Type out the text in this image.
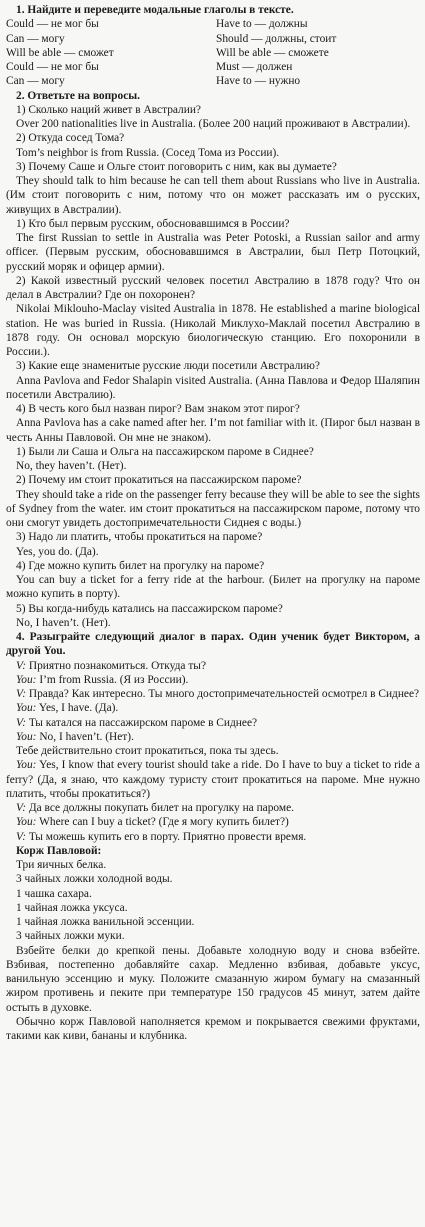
1. Найдите и переведите модальные глаголы в тексте.

Could — не мог бы	Have to — должны
Can — могу	Should — должны, стоит
Will be able — сможет	Will be able — сможете
Could — не мог бы	Must — должен
Can — могу	Have to — нужно

2. Ответьте на вопросы.

1) Сколько наций живет в Австралии?

Over 200 nationalities live in Australia. (Более 200 наций проживают в Австралии).

2) Откуда сосед Тома?

Tom’s neighbor is from Russia. (Сосед Тома из России).

3) Почему Саше и Ольге стоит поговорить с ним, как вы думаете?

They should talk to him because he can tell them about Russians who live in Australia. (Им стоит поговорить с ним, потому что он может рассказать им о русских, живущих в Австралии).

1) Кто был первым русским, обосновавшимся в России?

The first Russian to settle in Australia was Peter Potoski, a Russian sailor and army officer. (Первым русским, обосновавшимся в Австралии, был Петр Потоцкий, русский моряк и офицер армии).

2) Какой известный русский человек посетил Австралию в 1878 году? Что он делал в Австралии? Где он похоронен?

Nikolai Miklouho-Maclay visited Australia in 1878. He established a marine biological station. He was buried in Russia. (Николай Миклухо-Маклай посетил Австралию в 1878 году. Он основал морскую биологическую станцию. Его похоронили в России.).

3) Какие еще знаменитые русские люди посетили Австралию?

Anna Pavlova and Fedor Shalapin visited Australia. (Анна Павлова и Федор Шаляпин посетили Австралию).

4) В честь кого был назван пирог? Вам знаком этот пирог?

Anna Pavlova has a cake named after her. I’m not familiar with it. (Пирог был назван в честь Анны Павловой. Он мне не знаком).

1) Были ли Саша и Ольга на пассажирском пароме в Сиднее?

No, they haven’t. (Нет).

2) Почему им стоит прокатиться на пассажирском пароме?

They should take a ride on the passenger ferry because they will be able to see the sights of Sydney from the water. им стоит прокатиться на пассажирском пароме, потому что они смогут увидеть достопримечательности Сиднея с воды.)

3) Надо ли платить, чтобы прокатиться на пароме?

Yes, you do. (Да).

4) Где можно купить билет на прогулку на пароме?

You can buy a ticket for a ferry ride at the harbour. (Билет на прогулку на пароме можно купить в порту).

5) Вы когда-нибудь катались на пассажирском пароме?

No, I haven’t. (Нет).

4. Разыграйте следующий диалог в парах. Один ученик будет Виктором, а другой You.

V: Приятно познакомиться. Откуда ты?

You: I’m from Russia. (Я из России).

V: Правда? Как интересно. Ты много достопримечательностей осмотрел в Сиднее?

You: Yes, I have. (Да).

V: Ты катался на пассажирском пароме в Сиднее?

You: No, I haven’t. (Нет).

Тебе действительно стоит прокатиться, пока ты здесь.

You: Yes, I know that every tourist should take a ride. Do I have to buy a ticket to ride a ferry? (Да, я знаю, что каждому туристу стоит прокатиться на пароме. Мне нужно платить, чтобы прокатиться?)

V: Да все должны покупать билет на прогулку на пароме.

You: Where can I buy a ticket? (Где я могу купить билет?)

V: Ты можешь купить его в порту. Приятно провести время.

Корж Павловой:

Три яичных белка.

3 чайных ложки холодной воды.

1 чашка сахара.

1 чайная ложка уксуса.

1 чайная ложка ванильной эссенции.

3 чайных ложки муки.

Взбейте белки до крепкой пены. Добавьте холодную воду и снова взбейте. Взбивая, постепенно добавляйте сахар. Медленно взбивая, добавьте уксус, ванильную эссенцию и муку. Положите смазанную жиром бумагу на смазанный жиром противень и пеките при температуре 150 градусов 45 минут, затем дайте остыть в духовке.

Обычно корж Павловой наполняется кремом и покрывается свежими фруктами, такими как киви, бананы и клубника.
